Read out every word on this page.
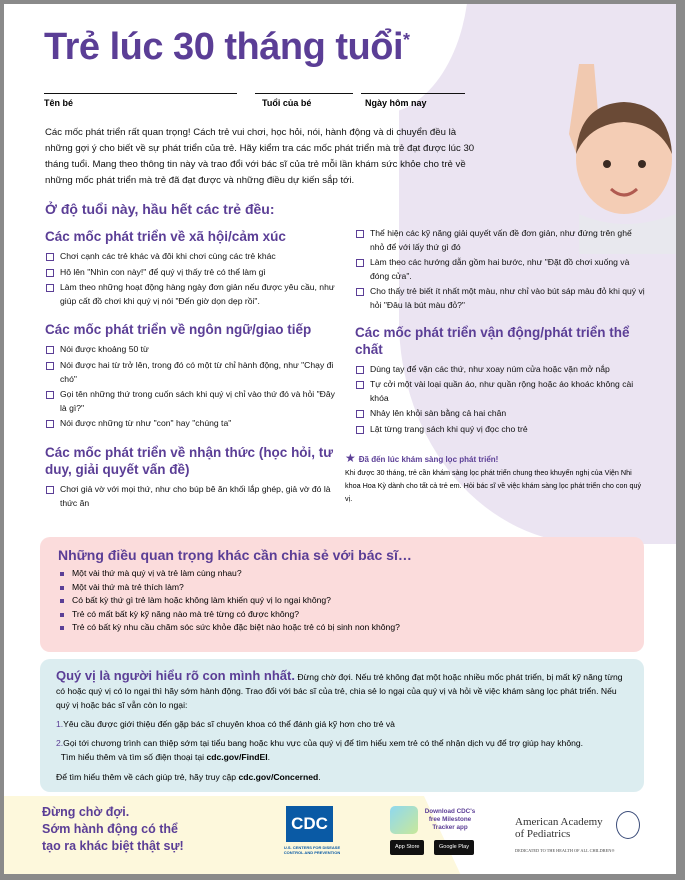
Trẻ lúc 30 tháng tuổi*
Tên bé	Tuổi của bé	Ngày hôm nay

Các mốc phát triển rất quan trọng! Cách trẻ vui chơi, học hỏi, nói, hành động và di chuyển đều là những gợi ý cho biết về sự phát triển của trẻ. Hãy kiểm tra các mốc phát triển mà trẻ đạt được lúc 30 tháng tuổi. Mang theo thông tin này và trao đổi với bác sĩ của trẻ mỗi lần khám sức khỏe cho trẻ về những mốc phát triển mà trẻ đã đạt được và những điều dự kiến sắp tới.

Ở độ tuổi này, hầu hết các trẻ đều:
Các mốc phát triển về xã hội/cảm xúc
Chơi cạnh các trẻ khác và đôi khi chơi cùng các trẻ khác
Hô lên "Nhìn con này!" để quý vị thấy trẻ có thể làm gì
Làm theo những hoạt động hàng ngày đơn giản nếu được yêu cầu, như giúp cất đồ chơi khi quý vị nói "Đến giờ dọn dẹp rồi".
Các mốc phát triển về ngôn ngữ/giao tiếp
Nói được khoảng 50 từ
Nói được hai từ trở lên, trong đó có một từ chỉ hành động, như "Chạy đi chó"
Gọi tên những thứ trong cuốn sách khi quý vị chỉ vào thứ đó và hỏi "Đây là gì?"
Nói được những từ như "con" hay "chúng ta"
Các mốc phát triển về nhận thức (học hỏi, tư duy, giải quyết vấn đề)
Chơi giả vờ với mọi thứ, như cho búp bê ăn khối lắp ghép, giả vờ đó là thức ăn
Thể hiện các kỹ năng giải quyết vấn đề đơn giản, như đứng trên ghế nhỏ để với lấy thứ gì đó
Làm theo các hướng dẫn gồm hai bước, như "Đặt đồ chơi xuống và đóng cửa".
Cho thấy trẻ biết ít nhất một màu, như chỉ vào bút sáp màu đỏ khi quý vị hỏi "Đâu là bút màu đỏ?"
Các mốc phát triển vận động/phát triển thể chất
Dùng tay để vặn các thứ, như xoay núm cửa hoặc vặn mở nắp
Tự cởi một vài loại quần áo, như quần rộng hoặc áo khoác không cài khóa
Nhảy lên khỏi sàn bằng cả hai chân
Lật từng trang sách khi quý vị đọc cho trẻ
★ Đã đến lúc khám sàng lọc phát triển!
Khi được 30 tháng, trẻ cần khám sàng lọc phát triển chung theo khuyến nghị của Viện Nhi khoa Hoa Kỳ dành cho tất cả trẻ em. Hỏi bác sĩ về việc khám sàng lọc phát triển cho con quý vị.
Những điều quan trọng khác cần chia sẻ với bác sĩ…
Một vài thứ mà quý vị và trẻ làm cùng nhau?
Một vài thứ mà trẻ thích làm?
Có bất kỳ thứ gì trẻ làm hoặc không làm khiến quý vị lo ngại không?
Trẻ có mất bất kỳ kỹ năng nào mà trẻ từng có được không?
Trẻ có bất kỳ nhu cầu chăm sóc sức khỏe đặc biệt nào hoặc trẻ có bị sinh non không?

Quý vị là người hiểu rõ con mình nhất. Đừng chờ đợi. Nếu trẻ không đạt một hoặc nhiều mốc phát triển, bị mất kỹ năng từng có hoặc quý vị có lo ngại thì hãy sớm hành động. Trao đổi với bác sĩ của trẻ, chia sẻ lo ngại của quý vị và hỏi về việc khám sàng lọc phát triển. Nếu quý vị hoặc bác sĩ vẫn còn lo ngại:

1.Yêu cầu được giới thiệu đến gặp bác sĩ chuyên khoa có thể đánh giá kỹ hơn cho trẻ và

2.Gọi tới chương trình can thiệp sớm tại tiểu bang hoặc khu vực của quý vị để tìm hiểu xem trẻ có thể nhận dịch vụ để trợ giúp hay không.
Tìm hiểu thêm và tìm số điện thoại tại cdc.gov/FindEI.

Để tìm hiểu thêm về cách giúp trẻ, hãy truy cập cdc.gov/Concerned.

Đừng chờ đợi.
Sớm hành động có thể
tạo ra khác biệt thật sự!
CDC
U.S. CENTERS FOR DISEASE CONTROL AND PREVENTION
Download CDC's free Milestone Tracker app
App Store	Google Play
American Academy of Pediatrics
DEDICATED TO THE HEALTH OF ALL CHILDREN®
